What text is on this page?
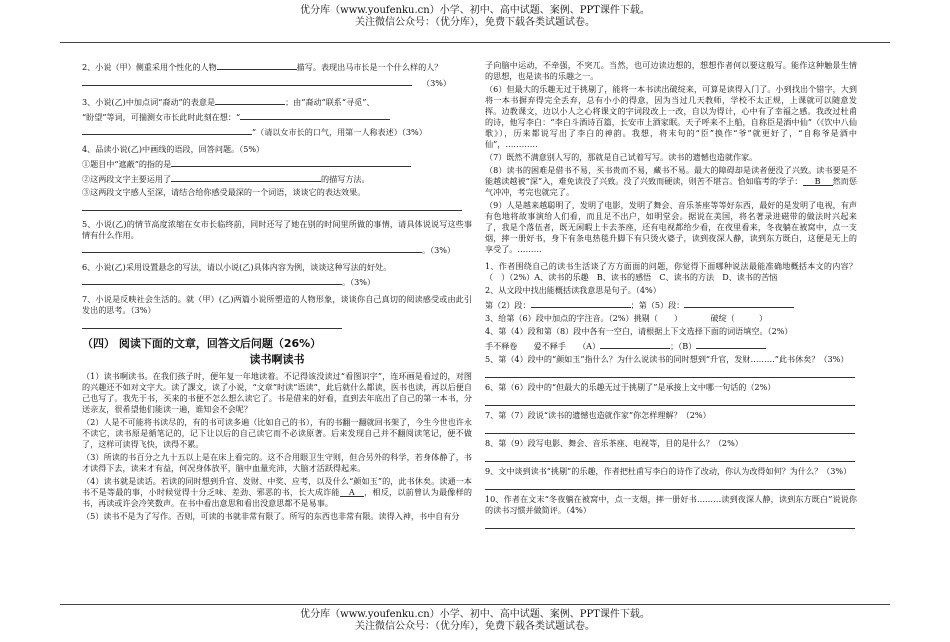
优分库（www.youfenku.cn）小学、初中、高中试题、案例、PPT课件下载。
关注微信公众号：（优分库），免费下载各类试题试卷。

2、小说（甲）侧重采用个性化的人物	描写。表现出马市长是一个什么样的人？

（3%）

3、小说(乙)中加点词“裔动”的表意是	；由“裔动”联系“寻觅”、

“盼望”等词，可揣测女市长此时此刻在想：“

”（请以女市长的口气，用第一人称表述）（3%）

4、品读小说(乙)中画线的语段，回答问题。（5%）

①题目中“遮蔽”的指的是

②这两段文字主要运用了	的描写方法。

③这两段文字感人至深，请结合给你感受最深的一个词语，谈谈它的表达效果。

5、小说(乙)的情节高度浓缩在女市长临终前，同时还写了她在别的时间里所做的事情，请具体说说写这些事情有什么作用。

。（3%）

6、小说(乙)采用设置悬念的写法，请以小说(乙)具体内容为例，谈谈这种写法的好处。

。（3%）

7、小说是反映社会生活的。就（甲）(乙)两篇小说所塑造的人物形象，谈谈你自己真切的阅读感受或由此引发出的思考。（3%）

（四） 阅读下面的文章，回答文后问题（26%）
读书啊读书

（1）读书啊读书。在我们孩子时，便年复一年地读着。不记得该没读过“看图识字”，连环画是看过的，对图的兴趣还不如对文字大。读了課文，读了小说，“文章”时读“语读”，此后就什么都读，医书也读，再以后便自己也写了。我先于书，买来的书便不怎么想么读它了。书是借来的好看，直到去年底出了自己的第一本书，分送亲友，很希望他们能读一遍，谁知会不会呢？

（2）人是不可能将书读尽的，有的书可读多遍（比如自己的书），有的书翻一翻就回书架了，今生今世也许永不读它，读书原是循笔记的，记下让以后的自己读它而不必读原著。后来发现自己并不翻阅读笔记，便不做了，这样可读得飞快，读得不累。

（3）所读的书百分之九十五以上是在床上看完的。这不合用眼卫生守则，但合另外的科学，若身体静了，书才读得下去，读来才有益，何况身体放平，脑中血量充沛，大脑才活跃得起来。

（4）读书就是读话。若读的同时想到升官、发财、中奖、应考，以及什么“颜如玉”的，此书休矣。读通一本书不是等最的事，小时候觉得十分乏味、差劲、邪恶的书，长大成诈能 A ，相反，以前曾认为最像样的书，再读或许会冷笑数声。在书中看出意思和看出没意思都不是易事。

（5）读书不是为了写作。否则，可读的书就非常有限了。所写的东西也非常有限。读得入神，书中自有分

子向脑中运动，不牵强，不突兀。当然，也可边读边想的，想想作者何以要这般写。能作这种触景生情的思想，也是读书的乐趣之一。

（6）但最大的乐趣无过于挑剔了，能将一本书读出破绽来，可算是读得入门了。小到找出个错字，大到将一本书摒弃得完全丢弃，总有小小的得意，因为当过几天教师，学校不太正规，上课就可以随意发挥。边教课文，边以小人之心将课文的字词段改上一改，自以为得计，心中有了幸福之感。我改过杜甫的诗，他写李白：“李白斗酒诗百篇，长安市上酒家眠。天子呼来不上船，自称臣是酒中仙”（《饮中八仙歌》），历来都说写出了李白的神韵。我想，将末句的“臣”换作“爷”就更好了，“自称爷是酒中仙”，…………

（7）既然不满意别人写的，那就是自己试着写写。读书的遗憾也造就作家。

（8）读书的困难是借书不易，买书贵而不易，藏书不易。最大的障碍却是读者便没了兴致。读书要是不能越读越被“深”入，难免读没了兴致。没了兴致而硬读，则苦不堪言。恰如临考的学子： B 然而惩气冲冲，考完也就完了。

（9）人是越来越聪明了，发明了电影，发明了舞会、音乐茶座等等好东西，最好的是发明了电视，有声有色地将故事演给人们看，而且足不出户，如明堂会。据说在美国，将名著录进磁带的做法时兴起来了，我是个落伍者，既无闲暇上卡去茶座，还有电视都给少看，在夜里看来，冬夜躺在被窝中，点一支烟，摔一册好书，身下有条电热毯升脚下有只烫火婆子，读到夜深人静，读到东方既白，这便是无上的享受了。………

1、作者围绕自己的读书生活谈了方方面面的问题，你觉得下面哪种说法最能准确地概括本文的内容？（　）（2%）A、读书的乐趣　B、读书的感悟　C、读书的方法　D、读书的苦恼

2、从文段中找出能概括读我意思是句子。（4%）

第（2）段：	；第（5）段：

3、给第（6）段中加点的字注音。（2%）挑剔（　　）　　　　破绽（　　　）

4、第（4）段和第（8）段中各有一空白，请根据上下文选择下面的词语填空。（2%）

手不释卷　　爱不释手　　（A）	；（B）

5、第（4）段中的“颜如玉”指什么？为什么说读书的同时想到“升官，发财………”此书休矣？（3%）

6、第（6）段中的“但最大的乐趣无过于挑剔了”是承接上文中哪一句话的（2%）

7、第（7）段说“读书的遗憾也造就作家”你怎样理解？（2%）

8、第（9）段写电影、舞会、音乐茶座、电视等，目的是什么？（2%）

9、文中谈到读书“挑剔”的乐趣，作者把杜甫写李白的诗作了改动，你认为改得如何？为什么？（3%）

10、作者在文末“冬夜躺在被窝中，点一支烟，摔一册好书………读到夜深人静，读到东方既白”说说你的读书习惯并做简评。（4%）

优分库（www.youfenku.cn）小学、初中、高中试题、案例、PPT课件下载。
关注微信公众号：（优分库），免费下载各类试题试卷。
